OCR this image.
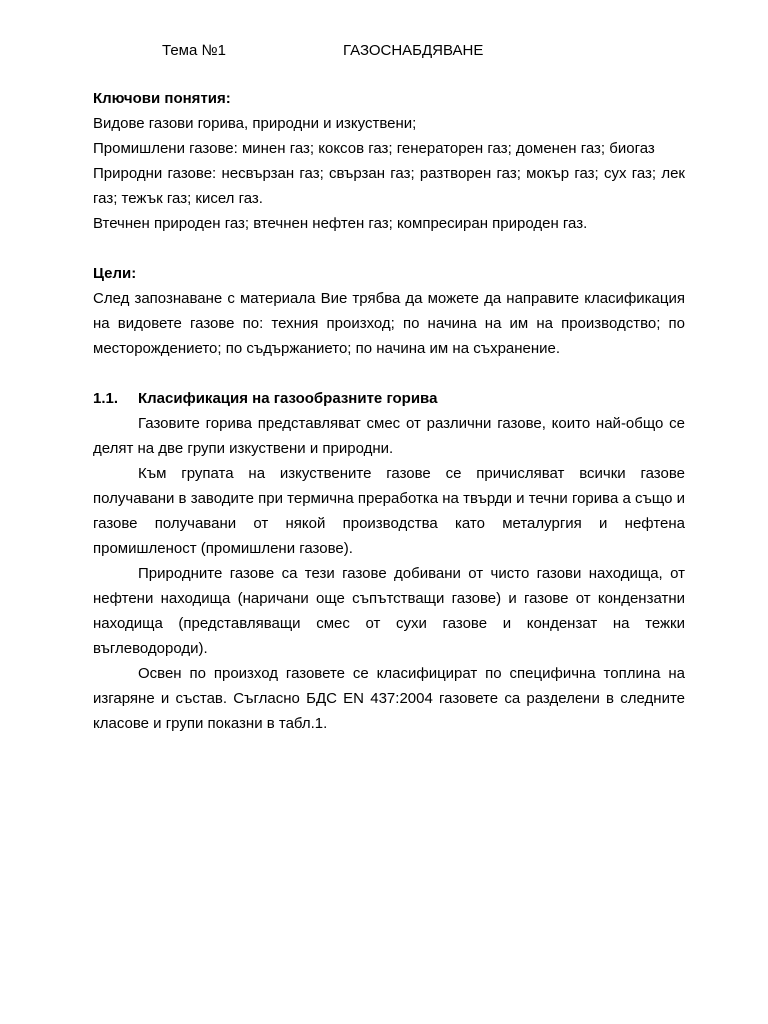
Тема №1	ГАЗОСНАБДЯВАНЕ

Ключови понятия:

Видове газови горива, природни и изкуствени;

Промишлени газове: минен газ; коксов газ; генераторен газ; доменен газ; биогаз

Природни газове: несвързан газ; свързан газ; разтворен газ; мокър газ; сух газ; лек газ; тежък газ; кисел газ.

Втечнен природен газ; втечнен нефтен газ; компресиран природен газ.

Цели:

След запознаване с материала Вие трябва да можете да направите класификация на видовете газове по: техния произход; по начина на им на производство; по месторождението; по съдържанието; по начина им на съхранение.

1.1.	Класификация на газообразните горива

Газовите горива представляват смес от различни газове, които най-общо се делят на две групи изкуствени и природни.

Към групата на изкуствените газове се причисляват всички газове получавани в заводите при термична преработка на твърди и течни горива а също и газове получавани от някой производства като металургия и нефтена промишленост (промишлени газове).

Природните газове са тези газове добивани от чисто газови находища, от нефтени находища (наричани още съпътстващи газове) и газове от кондензатни находища (представляващи смес от сухи газове и кондензат на тежки въглеводороди).

Освен по произход газовете се класифицират по специфична топлина на изгаряне и състав. Съгласно БДС EN 437:2004 газовете са разделени в следните класове и групи показни в табл.1.
